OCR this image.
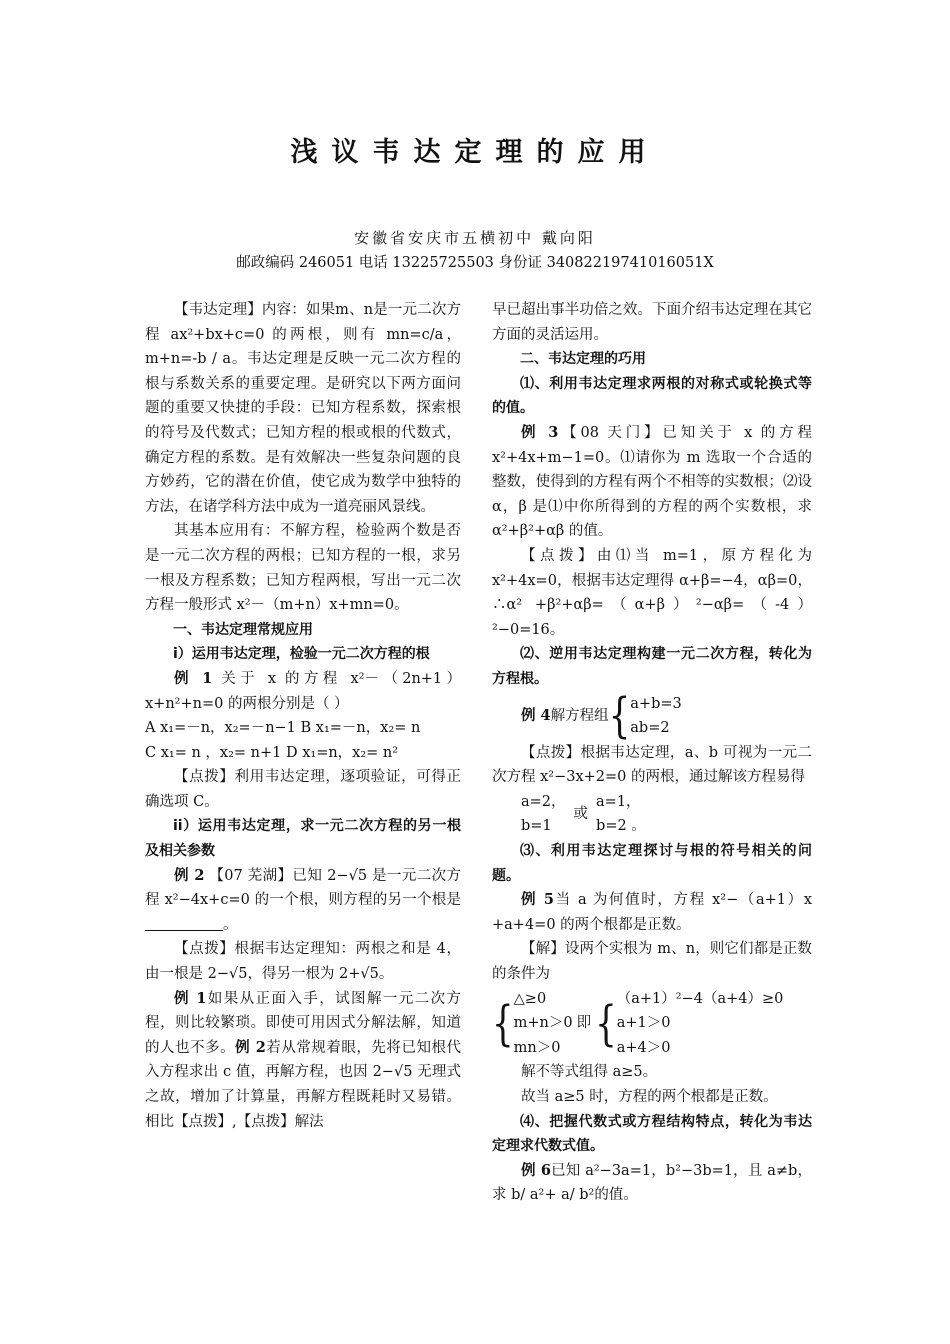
浅议韦达定理的应用
安徽省安庆市五横初中 戴向阳
邮政编码 246051 电话 13225725503 身份证 34082219741016051X

【韦达定理】内容：如果m、n是一元二次方程 ax²+bx+c=0 的两根，则有 mn=c/a，m+n=-b / a。韦达定理是反映一元二次方程的根与系数关系的重要定理。是研究以下两方面问题的重要又快捷的手段：已知方程系数，探索根的符号及代数式；已知方程的根或根的代数式，确定方程的系数。是有效解决一些复杂问题的良方妙药，它的潜在价值，使它成为数学中独特的方法，在诸学科方法中成为一道亮丽风景线。

其基本应用有：不解方程，检验两个数是否是一元二次方程的两根；已知方程的一根，求另一根及方程系数；已知方程两根，写出一元二次方程一般形式 x²－（m+n）x+mn=0。

一、韦达定理常规应用

i）运用韦达定理，检验一元二次方程的根

例 1 关于 x 的方程 x²－（2n+1） x+n²+n=0 的两根分别是（ ）

A x₁=－n，x₂=－n−1 B x₁=－n，x₂= n

C x₁= n ，x₂= n+1 D x₁=n，x₂= n²

【点拨】利用韦达定理，逐项验证，可得正确选项 C。

ii）运用韦达定理，求一元二次方程的另一根及相关参数

例 2 【07 芜湖】已知 2−√5 是一元二次方程 x²−4x+c=0 的一个根，则方程的另一个根是 。

【点拨】根据韦达定理知：两根之和是 4，由一根是 2−√5，得另一根为 2+√5。

例 1如果从正面入手，试图解一元二次方程，则比较繁琐。即使可用因式分解法解，知道的人也不多。例 2若从常规着眼，先将已知根代入方程求出 c 值，再解方程，也因 2−√5 无理式之故，增加了计算量，再解方程既耗时又易错。相比【点拨】,【点拨】解法

早已超出事半功倍之效。下面介绍韦达定理在其它方面的灵活运用。

二、韦达定理的巧用

⑴、利用韦达定理求两根的对称式或轮换式等的值。

例 3【08 天门】已知关于 x 的方程 x²+4x+m−1=0。⑴请你为 m 选取一个合适的整数，使得到的方程有两个不相等的实数根；⑵设 α，β 是⑴中你所得到的方程的两个实数根，求 α²+β²+αβ 的值。

【点拨】由⑴当 m=1，原方程化为 x²+4x=0，根据韦达定理得 α+β=−4，αβ=0，∴α² +β²+αβ=（α+β）²−αβ=（-4）²−0=16。

⑵、逆用韦达定理构建一元二次方程，转化为方程根。

例 4 解方程组 { a+b=3
ab=2

【点拨】根据韦达定理，a、b 可视为一元二次方程 x²−3x+2=0 的两根，通过解该方程易得

a=2，
b=1
或
a=1，
b=2 。

⑶、利用韦达定理探讨与根的符号相关的问题。

例 5当 a 为何值时，方程 x²−（a+1）x +a+4=0 的两个根都是正数。

【解】设两个实根为 m、n，则它们都是正数的条件为

{ △≥0
m+n＞0
mn＞0
即 { （a+1）²−4（a+4）≥0
a+1＞0
a+4＞0

解不等式组得 a≥5。

故当 a≥5 时，方程的两个根都是正数。

⑷、把握代数式或方程结构特点，转化为韦达定理求代数式值。

例 6已知 a²−3a=1，b²−3b=1，且 a≠b，求 b/ a²+ a/ b²的值。
